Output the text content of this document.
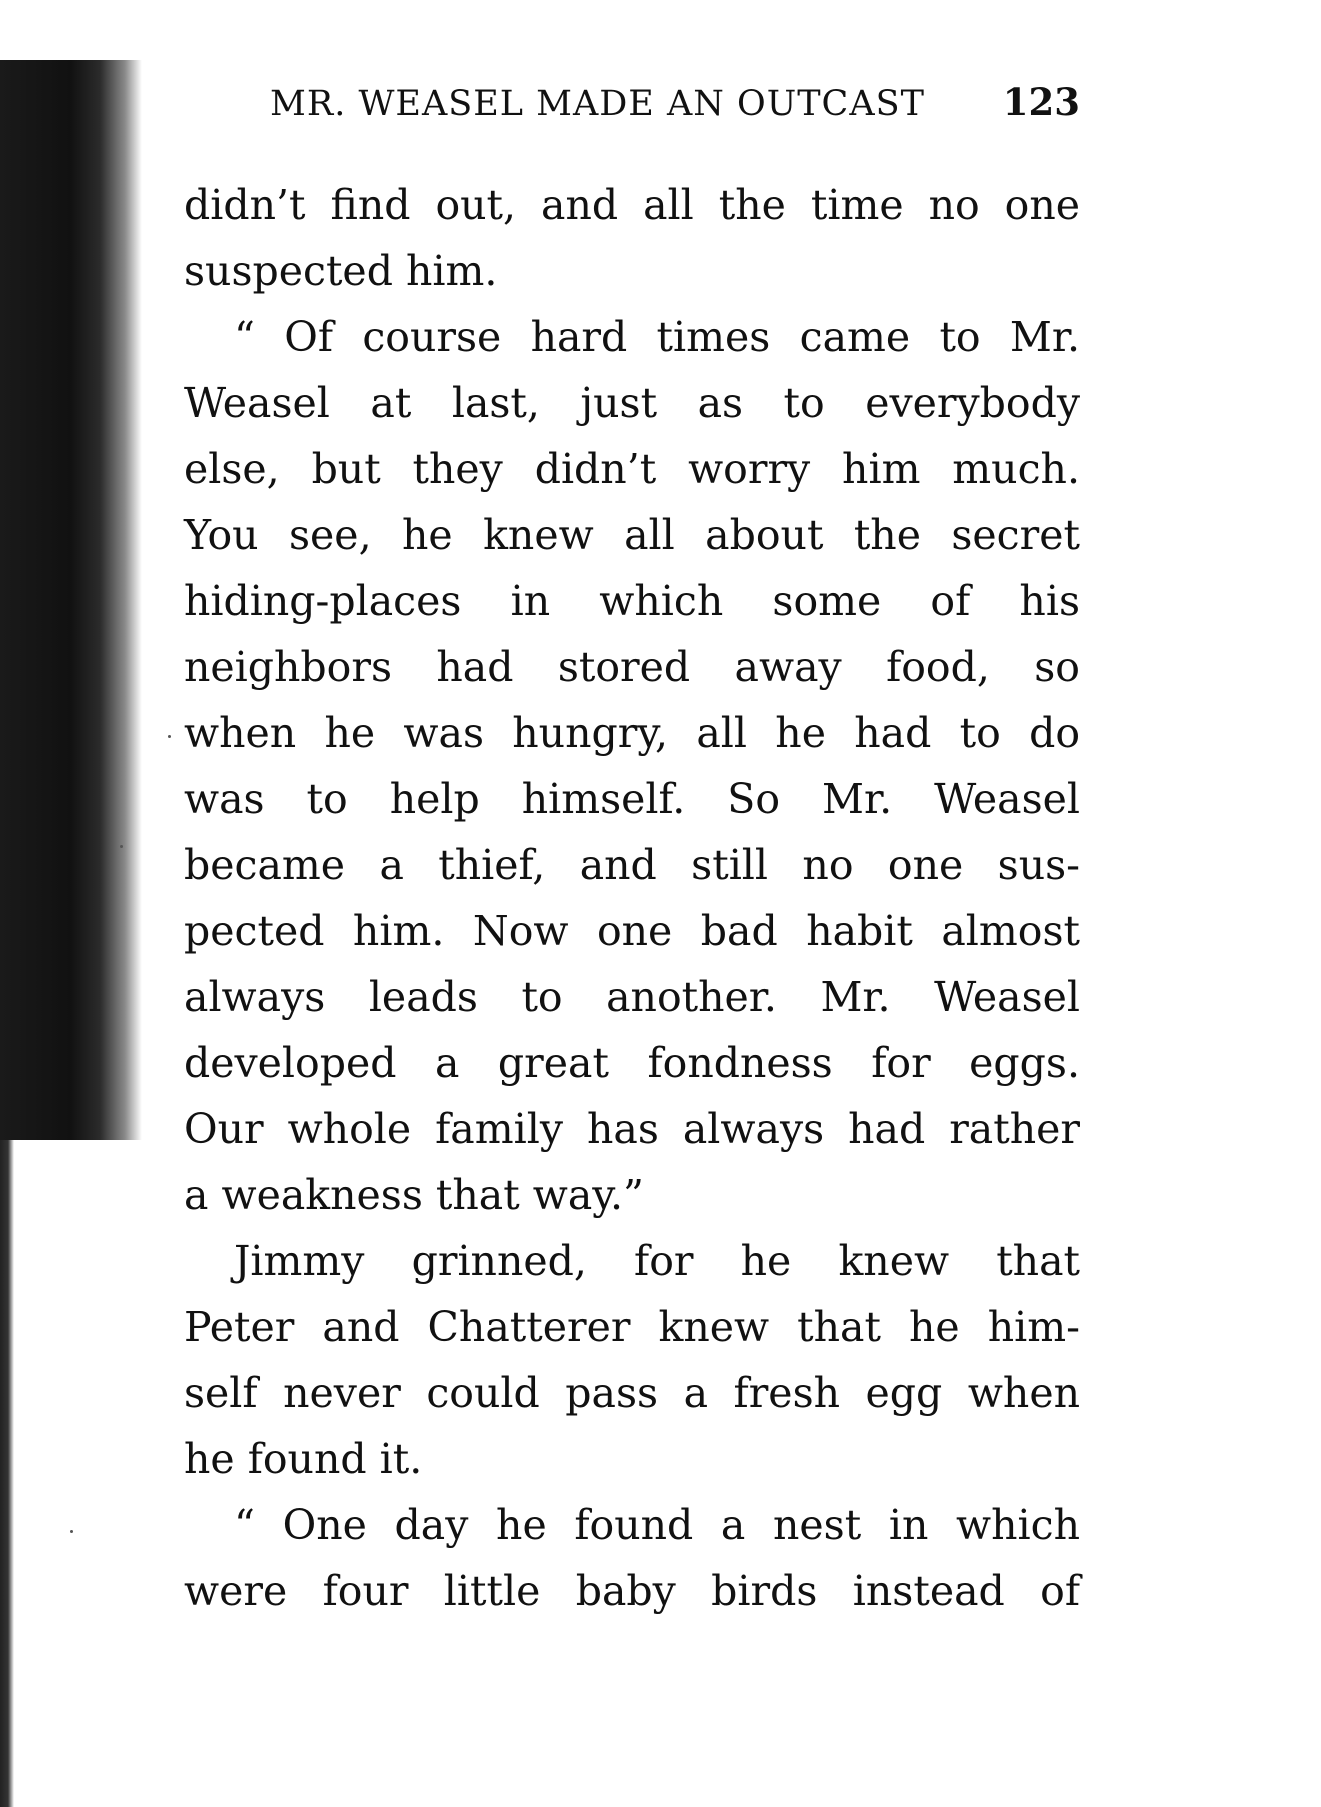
MR. WEASEL MADE AN OUTCAST 123
didn’t find out, and all the time no one
suspected him.
“ Of course hard times came to Mr.
Weasel at last, just as to everybody
else, but they didn’t worry him much.
You see, he knew all about the secret
hiding-places in which some of his
neighbors had stored away food, so
when he was hungry, all he had to do
was to help himself. So Mr. Weasel
became a thief, and still no one sus-
pected him. Now one bad habit almost
always leads to another. Mr. Weasel
developed a great fondness for eggs.
Our whole family has always had rather
a weakness that way.”
Jimmy grinned, for he knew that
Peter and Chatterer knew that he him-
self never could pass a fresh egg when
he found it.
“ One day he found a nest in which
were four little baby birds instead of
